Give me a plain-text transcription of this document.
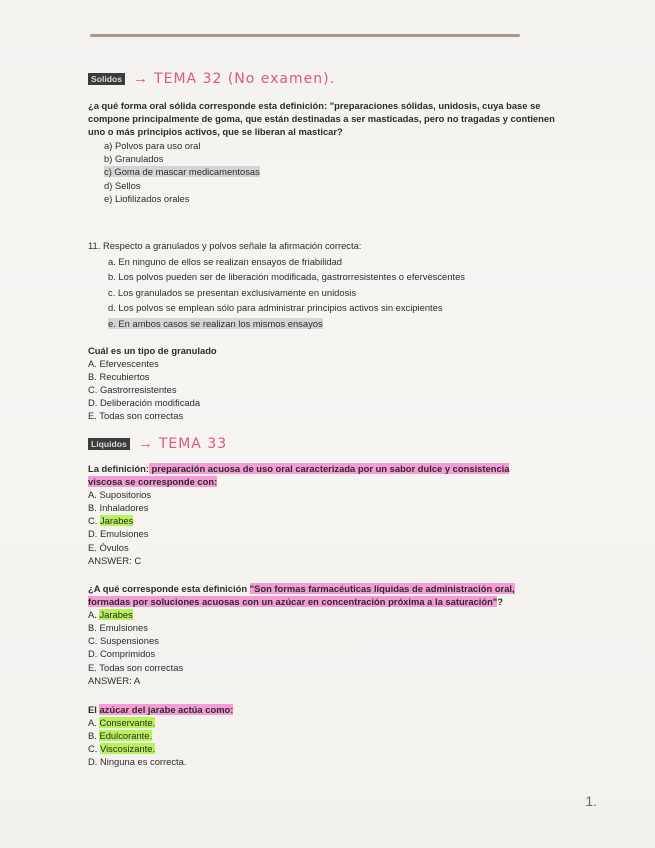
Solidos → TEMA 32 (No examen).
¿a qué forma oral sólida corresponde esta definición: "preparaciones sólidas, unidosis, cuya base se compone principalmente de goma, que están destinadas a ser masticadas, pero no tragadas y contienen uno o más principios activos, que se liberan al masticar?
a) Polvos para uso oral
b) Granulados
c) Goma de mascar medicamentosas
d) Sellos
e) Liofilizados orales
11. Respecto a granulados y polvos señale la afirmación correcta:
a. En ninguno de ellos se realizan ensayos de friabilidad
b. Los polvos pueden ser de liberación modificada, gastrorresistentes o efervescentes
c. Los granulados se presentan exclusivamente en unidosis
d. Los polvos se emplean sólo para administrar principios activos sin excipientes
e. En ambos casos se realizan los mismos ensayos
Cuál es un tipo de granulado
A. Efervescentes
B. Recubiertos
C. Gastrorresistentes
D. Deliberación modificada
E. Todas son correctas
Líquidos → TEMA 33
La definición: preparación acuosa de uso oral caracterizada por un sabor dulce y consistencia
viscosa se corresponde con:
A. Supositorios
B. Inhaladores
C. Jarabes
D. Emulsiones
E. Óvulos
ANSWER: C
¿A qué corresponde esta definición "Son formas farmacéuticas líquidas de administración oral,
formadas por soluciones acuosas con un azúcar en concentración próxima a la saturación"?
A. Jarabes
B. Emulsiones
C. Suspensiones
D. Comprimidos
E. Todas son correctas
ANSWER: A
El azúcar del jarabe actúa como:
A. Conservante.
B. Edulcorante.
C. Viscosizante.
D. Ninguna es correcta.
1.
